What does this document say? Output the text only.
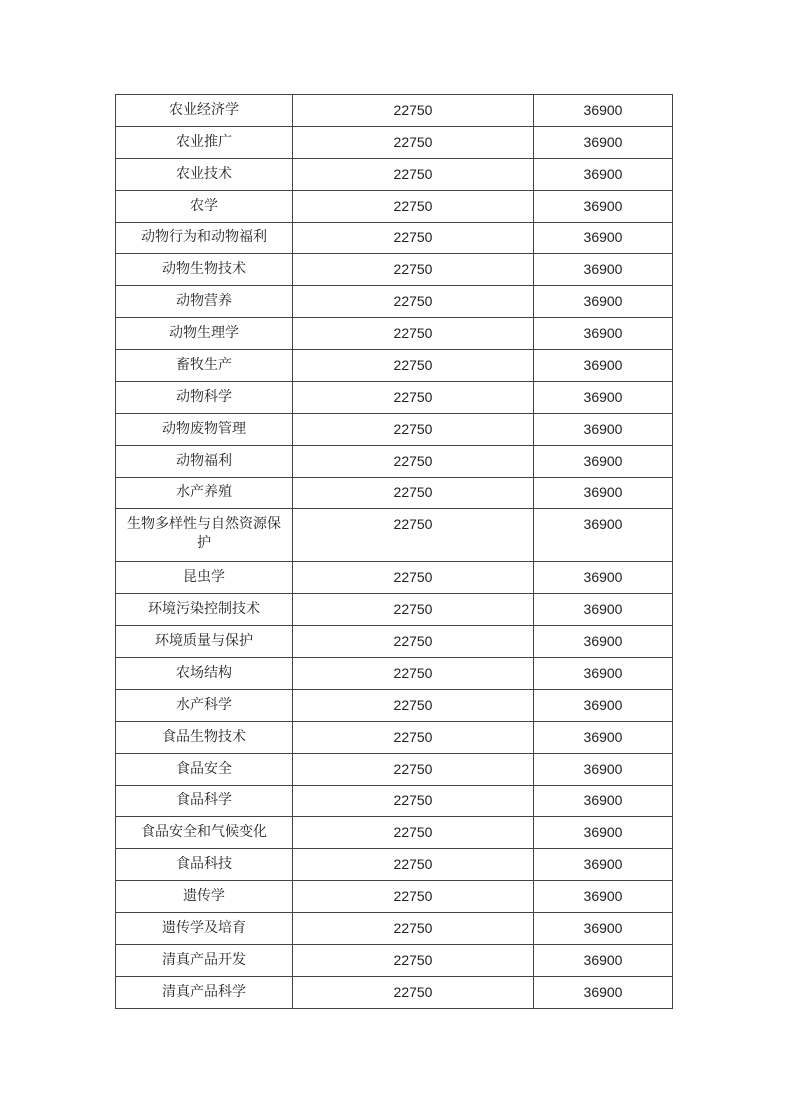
农业经济学	22750	36900
农业推广	22750	36900
农业技术	22750	36900
农学	22750	36900
动物行为和动物福利	22750	36900
动物生物技术	22750	36900
动物营养	22750	36900
动物生理学	22750	36900
畜牧生产	22750	36900
动物科学	22750	36900
动物废物管理	22750	36900
动物福利	22750	36900
水产养殖	22750	36900
生物多样性与自然资源保护	22750	36900
昆虫学	22750	36900
环境污染控制技术	22750	36900
环境质量与保护	22750	36900
农场结构	22750	36900
水产科学	22750	36900
食品生物技术	22750	36900
食品安全	22750	36900
食品科学	22750	36900
食品安全和气候变化	22750	36900
食品科技	22750	36900
遗传学	22750	36900
遗传学及培育	22750	36900
清真产品开发	22750	36900
清真产品科学	22750	36900
